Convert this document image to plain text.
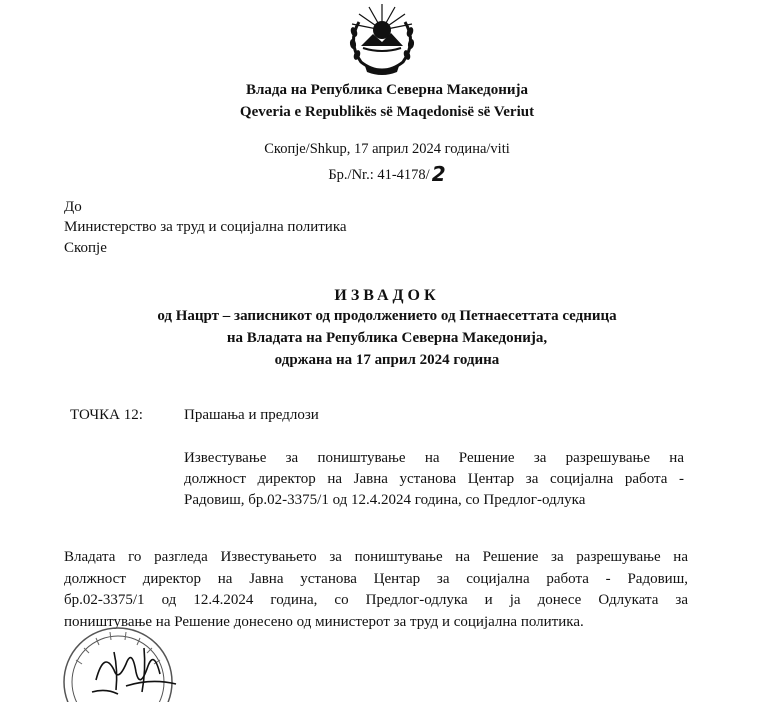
Влада на Република Северна Македонија
Qeveria e Republikës së Maqedonisë së Veriut
Скопје/Shkup, 17 април 2024 година/viti
Бр./Nr.: 41-4178/ 2
До
Министерство за труд и социјална политика
Скопје
ИЗВАДОК
од Нацрт – записникот од продолжението од Петнаесеттата седница
на Владата на Република Северна Македонија,
одржана на 17 април 2024 година
ТОЧКА 12:	Прашања и предлози
Известување за поништување на Решение за разрешување на
должност директор на Јавна установа Центар за социјална работа -
Радовиш, бр.02-3375/1 од 12.4.2024 година, со Предлог-одлука
Владата го разгледа Известувањето за поништување на Решение за разрешување на
должност директор на Јавна установа Центар за социјална работа - Радовиш,
бр.02-3375/1 од 12.4.2024 година, со Предлог-одлука и ја донесе Одлуката за
поништување на Решение донесено од министерот за труд и социјална политика.
